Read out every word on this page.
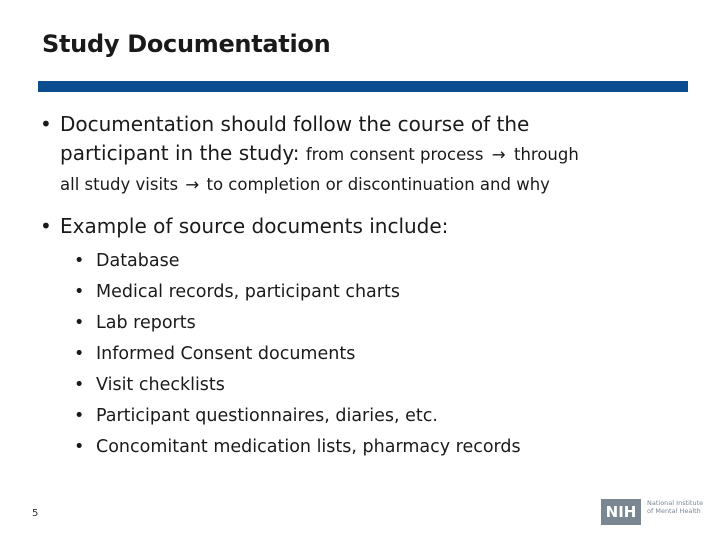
Study Documentation
• Documentation should follow the course of the
participant in the study: from consent process → through
all study visits → to completion or discontinuation and why
• Example of source documents include:
• Database
• Medical records, participant charts
• Lab reports
• Informed Consent documents
• Visit checklists
• Participant questionnaires, diaries, etc.
• Concomitant medication lists, pharmacy records
5	NIH	National Institute of Mental Health
